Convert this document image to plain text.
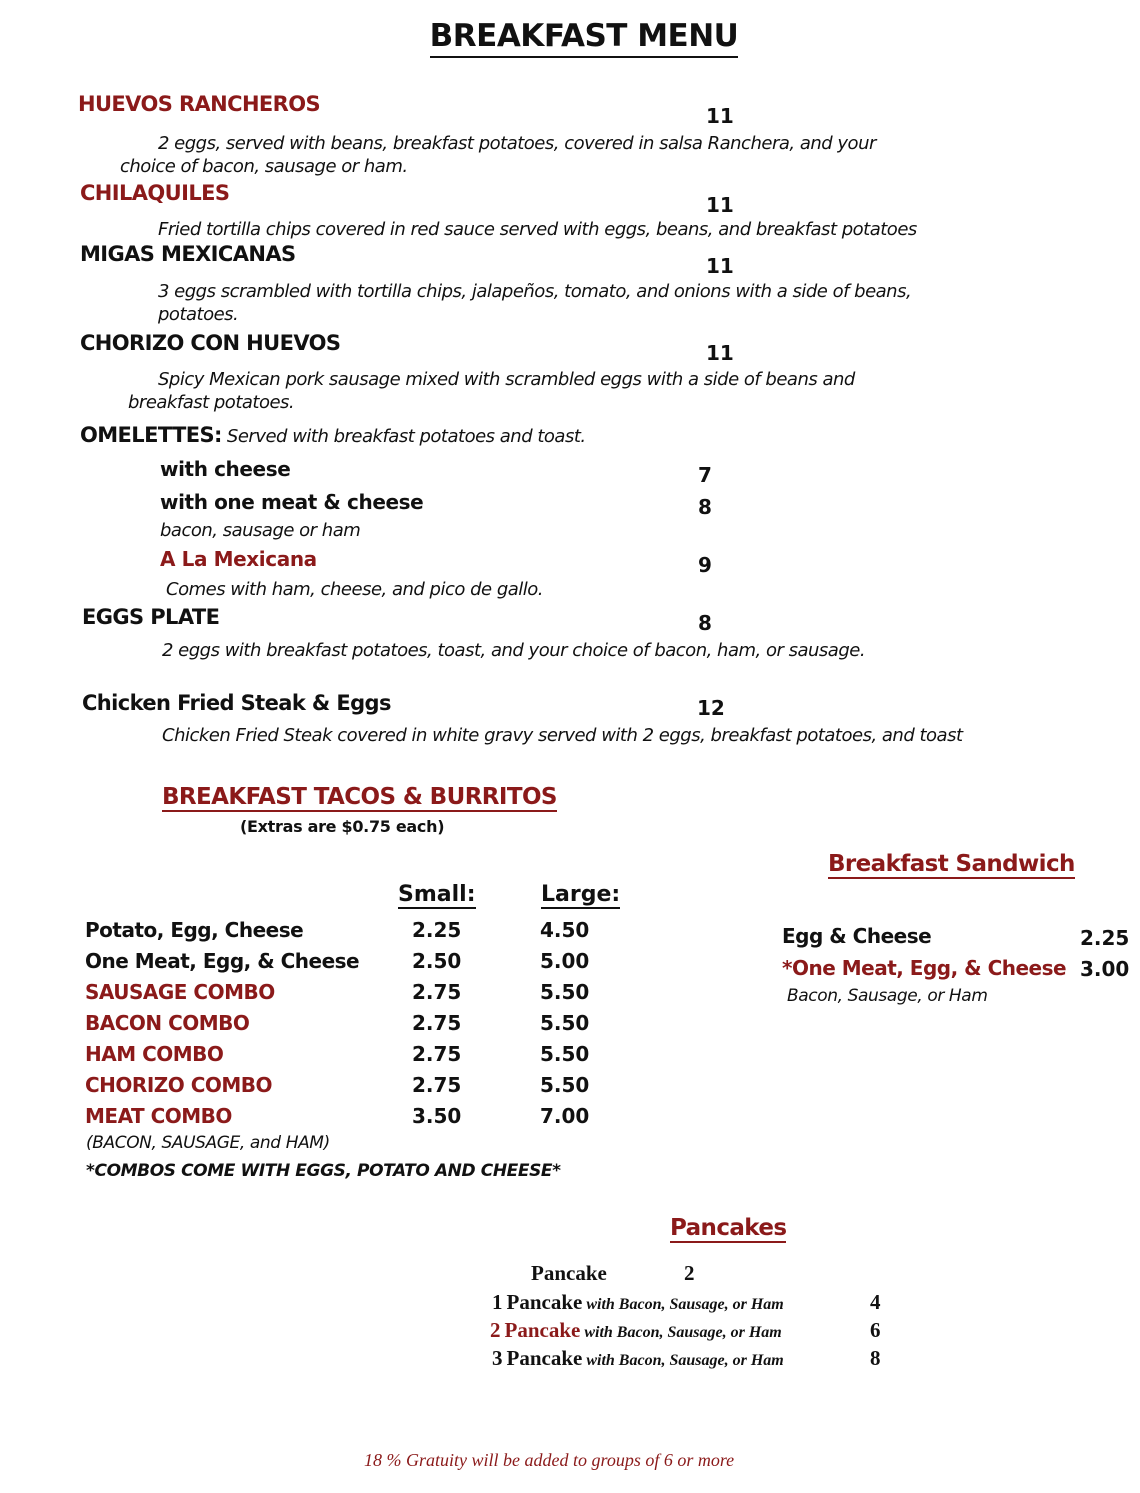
BREAKFAST MENU
HUEVOS RANCHEROS	11
2 eggs, served with beans, breakfast potatoes, covered in salsa Ranchera, and your choice of bacon, sausage or ham.
CHILAQUILES	11
Fried tortilla chips covered in red sauce served with eggs, beans, and breakfast potatoes
MIGAS MEXICANAS	11
3 eggs scrambled with tortilla chips, jalapeños, tomato, and onions with a side of beans, potatoes.
CHORIZO CON HUEVOS	11
Spicy Mexican pork sausage mixed with scrambled eggs with a side of beans and breakfast potatoes.
OMELETTES: Served with breakfast potatoes and toast.
with cheese	7
with one meat & cheese	8
bacon, sausage or ham
A La Mexicana	9
Comes with ham, cheese, and pico de gallo.
EGGS PLATE	8
2 eggs with breakfast potatoes, toast, and your choice of bacon, ham, or sausage.
Chicken Fried Steak & Eggs	12
Chicken Fried Steak covered in white gravy served with 2 eggs, breakfast potatoes, and toast
BREAKFAST TACOS & BURRITOS
(Extras are $0.75 each)
Small:	Large:
Potato, Egg, Cheese	2.25	4.50
One Meat, Egg, & Cheese	2.50	5.00
SAUSAGE COMBO	2.75	5.50
BACON COMBO	2.75	5.50
HAM COMBO	2.75	5.50
CHORIZO COMBO	2.75	5.50
MEAT COMBO	3.50	7.00
(BACON, SAUSAGE, and HAM)
*COMBOS COME WITH EGGS, POTATO AND CHEESE*
Breakfast Sandwich
Egg & Cheese	2.25
*One Meat, Egg, & Cheese 3.00
Bacon, Sausage, or Ham
Pancakes
Pancake	2
1 Pancake with Bacon, Sausage, or Ham	4
2 Pancake with Bacon, Sausage, or Ham	6
3 Pancake with Bacon, Sausage, or Ham	8
18 % Gratuity will be added to groups of 6 or more
